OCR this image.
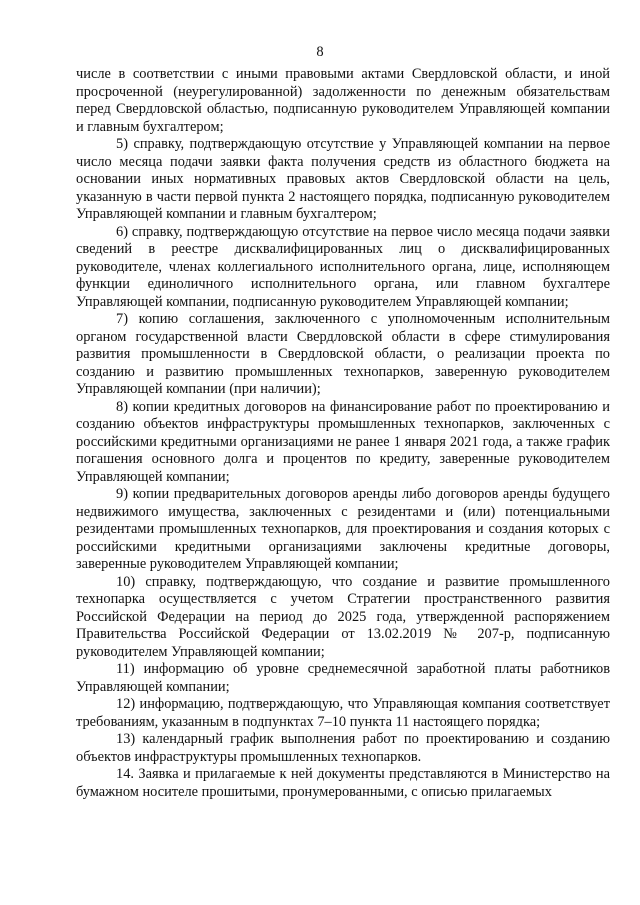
8

числе в соответствии с иными правовыми актами Свердловской области, и иной просроченной (неурегулированной) задолженности по денежным обязательствам перед Свердловской областью, подписанную руководителем Управляющей компании и главным бухгалтером;

5) справку, подтверждающую отсутствие у Управляющей компании на первое число месяца подачи заявки факта получения средств из областного бюджета на основании иных нормативных правовых актов Свердловской области на цель, указанную в части первой пункта 2 настоящего порядка, подписанную руководителем Управляющей компании и главным бухгалтером;

6) справку, подтверждающую отсутствие на первое число месяца подачи заявки сведений в реестре дисквалифицированных лиц о дисквалифицированных руководителе, членах коллегиального исполнительного органа, лице, исполняющем функции единоличного исполнительного органа, или главном бухгалтере Управляющей компании, подписанную руководителем Управляющей компании;

7) копию соглашения, заключенного с уполномоченным исполнительным органом государственной власти Свердловской области в сфере стимулирования развития промышленности в Свердловской области, о реализации проекта по созданию и развитию промышленных технопарков, заверенную руководителем Управляющей компании (при наличии);

8) копии кредитных договоров на финансирование работ по проектированию и созданию объектов инфраструктуры промышленных технопарков, заключенных с российскими кредитными организациями не ранее 1 января 2021 года, а также график погашения основного долга и процентов по кредиту, заверенные руководителем Управляющей компании;

9) копии предварительных договоров аренды либо договоров аренды будущего недвижимого имущества, заключенных с резидентами и (или) потенциальными резидентами промышленных технопарков, для проектирования и создания которых с российскими кредитными организациями заключены кредитные договоры, заверенные руководителем Управляющей компании;

10) справку, подтверждающую, что создание и развитие промышленного технопарка осуществляется с учетом Стратегии пространственного развития Российской Федерации на период до 2025 года, утвержденной распоряжением Правительства Российской Федерации от 13.02.2019 № 207-р, подписанную руководителем Управляющей компании;

11) информацию об уровне среднемесячной заработной платы работников Управляющей компании;

12) информацию, подтверждающую, что Управляющая компания соответствует требованиям, указанным в подпунктах 7–10 пункта 11 настоящего порядка;

13) календарный график выполнения работ по проектированию и созданию объектов инфраструктуры промышленных технопарков.

14. Заявка и прилагаемые к ней документы представляются в Министерство на бумажном носителе прошитыми, пронумерованными, с описью прилагаемых
